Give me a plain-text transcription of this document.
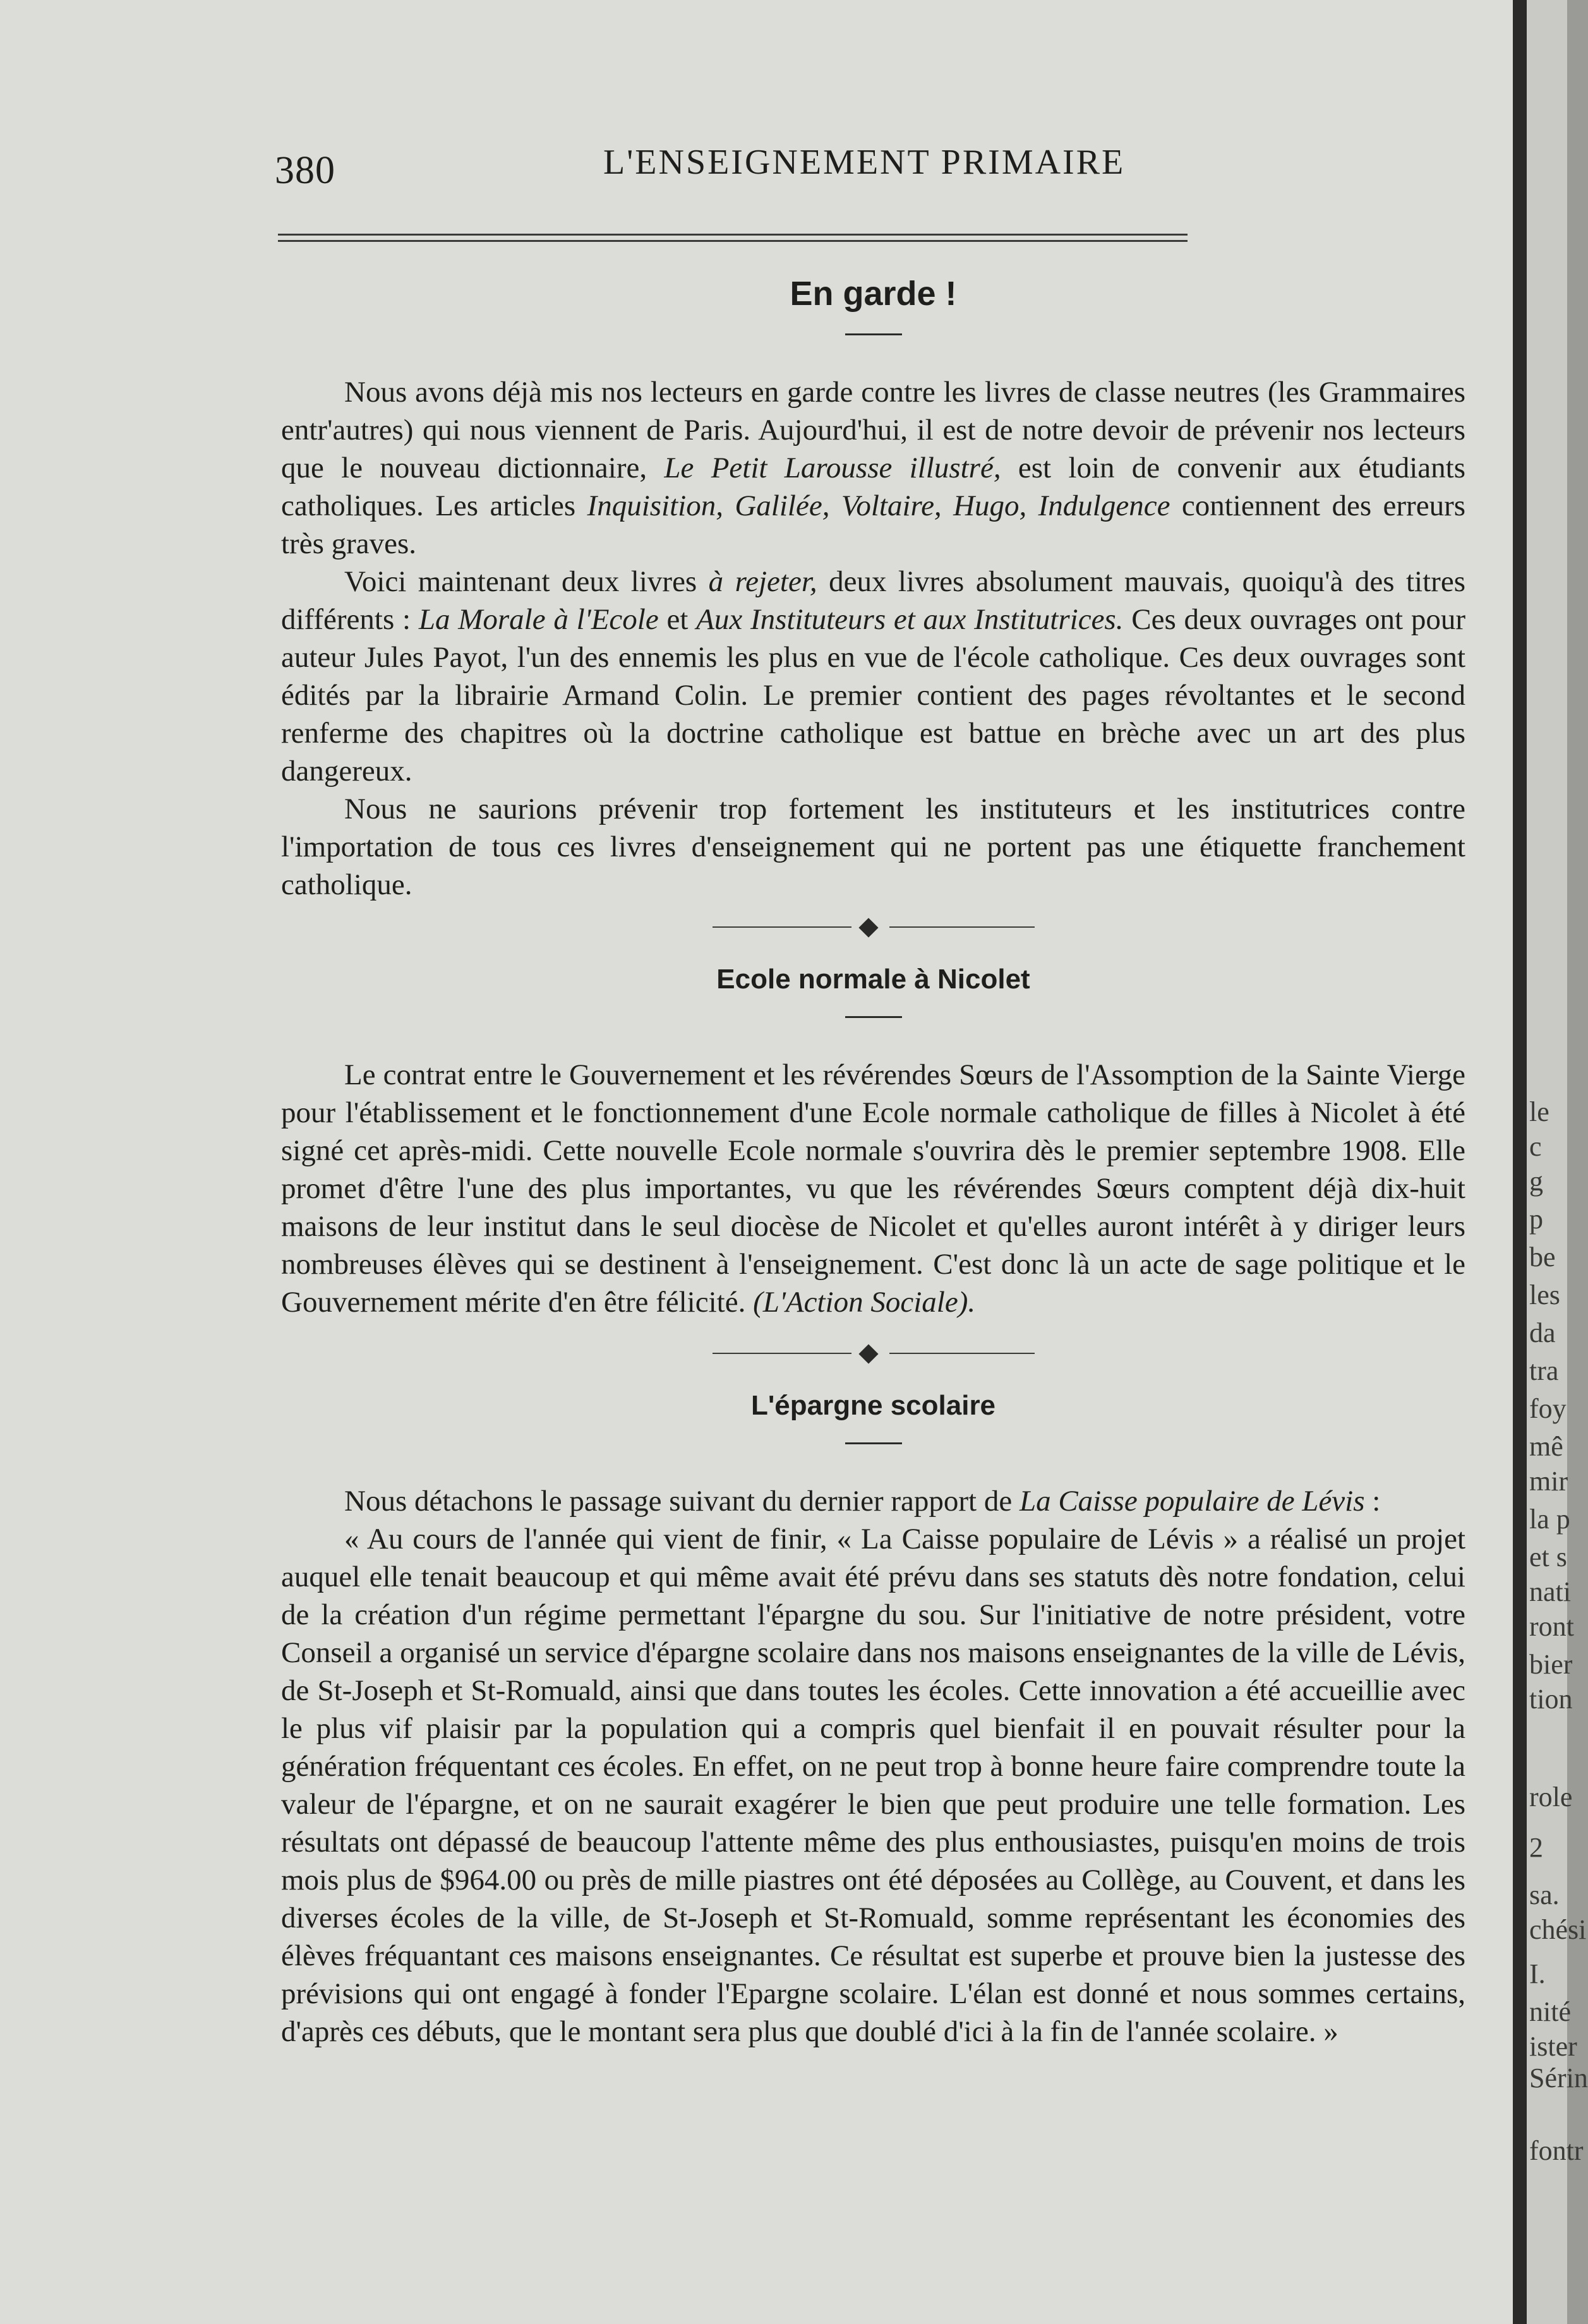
380	L'ENSEIGNEMENT PRIMAIRE
En garde !

Nous avons déjà mis nos lecteurs en garde contre les livres de classe neutres (les Grammaires entr'autres) qui nous viennent de Paris. Aujourd'hui, il est de notre devoir de prévenir nos lecteurs que le nouveau dictionnaire, Le Petit Larousse illustré, est loin de convenir aux étudiants catholiques. Les articles Inquisition, Galilée, Voltaire, Hugo, Indulgence contiennent des erreurs très graves.

Voici maintenant deux livres à rejeter, deux livres absolument mauvais, quoiqu'à des titres différents : La Morale à l'Ecole et Aux Instituteurs et aux Institutrices. Ces deux ouvrages ont pour auteur Jules Payot, l'un des ennemis les plus en vue de l'école catholique. Ces deux ouvrages sont édités par la librairie Armand Colin. Le premier contient des pages révoltantes et le second renferme des chapitres où la doctrine catholique est battue en brèche avec un art des plus dangereux.

Nous ne saurions prévenir trop fortement les instituteurs et les institutrices contre l'importation de tous ces livres d'enseignement qui ne portent pas une étiquette franchement catholique.

Ecole normale à Nicolet

Le contrat entre le Gouvernement et les révérendes Sœurs de l'Assomption de la Sainte Vierge pour l'établissement et le fonctionnement d'une Ecole normale catholique de filles à Nicolet à été signé cet après-midi. Cette nouvelle Ecole normale s'ouvrira dès le premier septembre 1908. Elle promet d'être l'une des plus importantes, vu que les révérendes Sœurs comptent déjà dix-huit maisons de leur institut dans le seul diocèse de Nicolet et qu'elles auront intérêt à y diriger leurs nombreuses élèves qui se destinent à l'enseignement. C'est donc là un acte de sage politique et le Gouvernement mérite d'en être félicité. (L'Action Sociale).

L'épargne scolaire

Nous détachons le passage suivant du dernier rapport de La Caisse populaire de Lévis :

« Au cours de l'année qui vient de finir, « La Caisse populaire de Lévis » a réalisé un projet auquel elle tenait beaucoup et qui même avait été prévu dans ses statuts dès notre fondation, celui de la création d'un régime permettant l'épargne du sou. Sur l'initiative de notre président, votre Conseil a organisé un service d'épargne scolaire dans nos maisons enseignantes de la ville de Lévis, de St-Joseph et St-Romuald, ainsi que dans toutes les écoles. Cette innovation a été accueillie avec le plus vif plaisir par la population qui a compris quel bienfait il en pouvait résulter pour la génération fréquentant ces écoles. En effet, on ne peut trop à bonne heure faire comprendre toute la valeur de l'épargne, et on ne saurait exagérer le bien que peut produire une telle formation. Les résultats ont dépassé de beaucoup l'attente même des plus enthousiastes, puisqu'en moins de trois mois plus de $964.00 ou près de mille piastres ont été déposées au Collège, au Couvent, et dans les diverses écoles de la ville, de St-Joseph et St-Romuald, somme représentant les économies des élèves fréquantant ces maisons enseignantes. Ce résultat est superbe et prouve bien la justesse des prévisions qui ont engagé à fonder l'Epargne scolaire. L'élan est donné et nous sommes certains, d'après ces débuts, que le montant sera plus que doublé d'ici à la fin de l'année scolaire. »

le
c
g
p
be
les
da
tra
foy
mê
mir
la p
et s
nati
ront
bier
tion
role
2
sa.
chési
I.
nité
ister
Sérin
fontr
